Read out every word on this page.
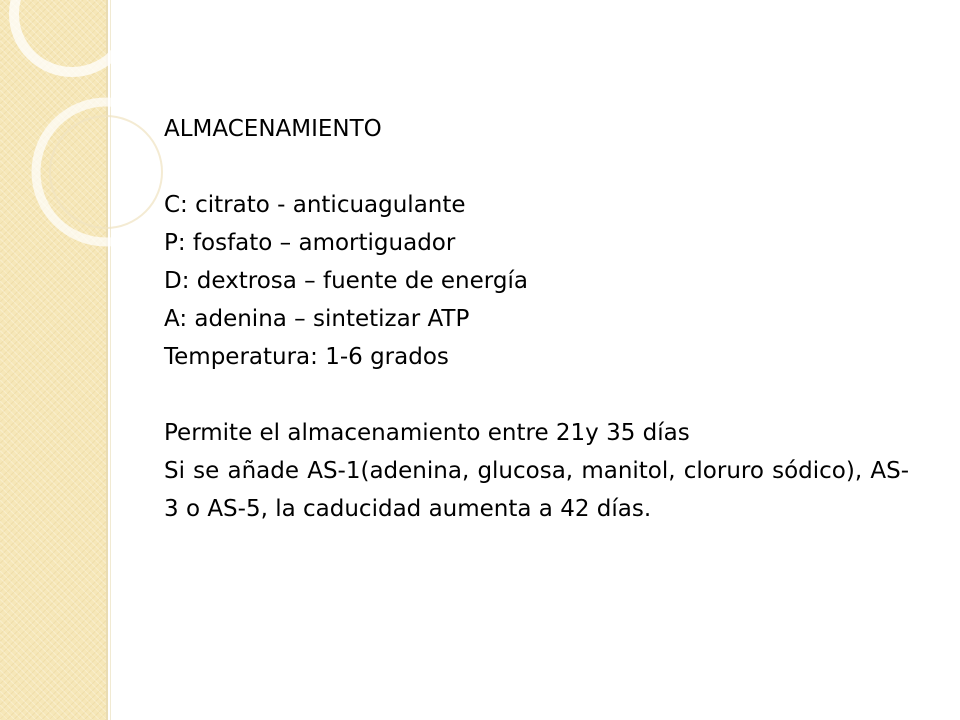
ALMACENAMIENTO
C: citrato - anticuagulante
P: fosfato – amortiguador
D: dextrosa – fuente de energía
A: adenina – sintetizar ATP
Temperatura: 1-6 grados
Permite el almacenamiento entre 21y 35 días
Si se añade AS-1(adenina, glucosa, manitol, cloruro sódico), AS-3 o AS-5, la caducidad aumenta a 42 días.
